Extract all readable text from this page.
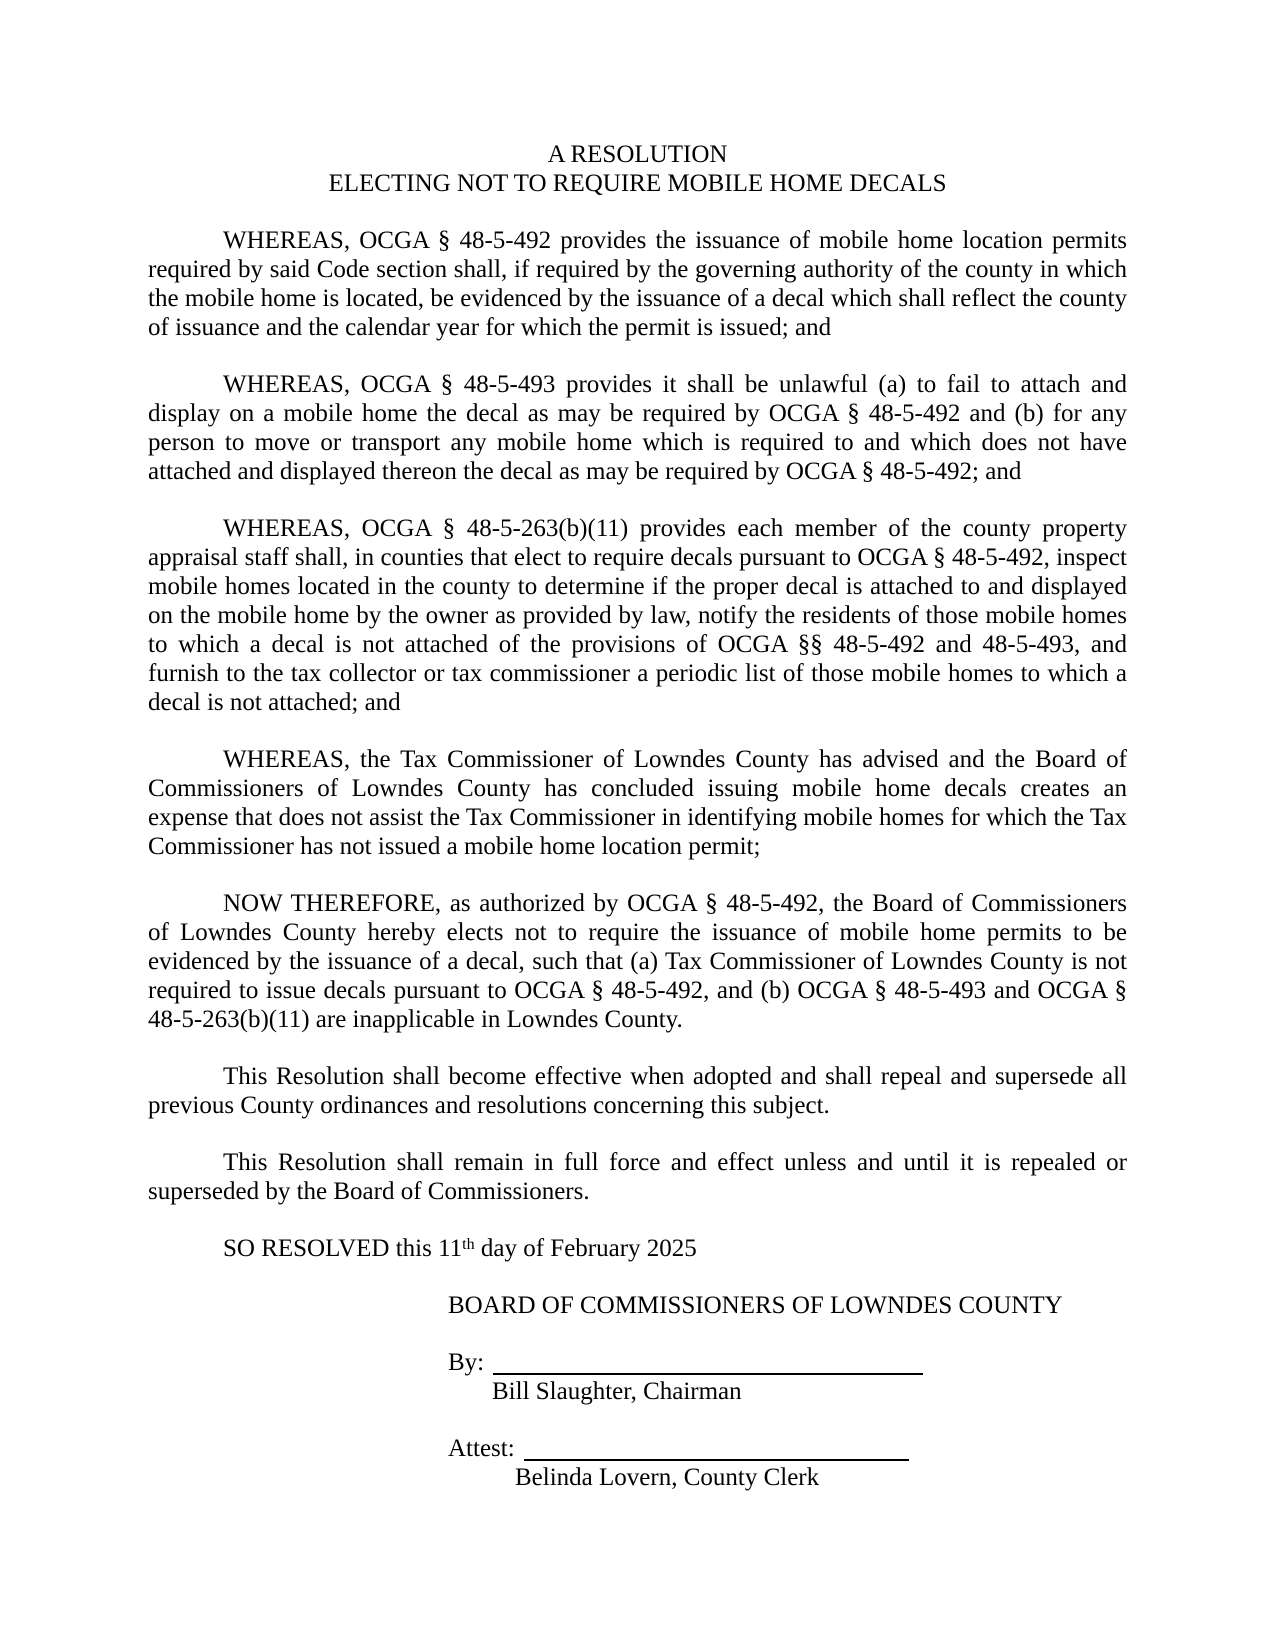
A RESOLUTION
ELECTING NOT TO REQUIRE MOBILE HOME DECALS

WHEREAS, OCGA § 48-5-492 provides the issuance of mobile home location permits required by said Code section shall, if required by the governing authority of the county in which the mobile home is located, be evidenced by the issuance of a decal which shall reflect the county of issuance and the calendar year for which the permit is issued; and

WHEREAS, OCGA § 48-5-493 provides it shall be unlawful (a) to fail to attach and display on a mobile home the decal as may be required by OCGA § 48-5-492 and (b) for any person to move or transport any mobile home which is required to and which does not have attached and displayed thereon the decal as may be required by OCGA § 48-5-492; and

WHEREAS, OCGA § 48-5-263(b)(11) provides each member of the county property appraisal staff shall, in counties that elect to require decals pursuant to OCGA § 48-5-492, inspect mobile homes located in the county to determine if the proper decal is attached to and displayed on the mobile home by the owner as provided by law, notify the residents of those mobile homes to which a decal is not attached of the provisions of OCGA §§ 48-5-492 and 48-5-493, and furnish to the tax collector or tax commissioner a periodic list of those mobile homes to which a decal is not attached; and

WHEREAS, the Tax Commissioner of Lowndes County has advised and the Board of Commissioners of Lowndes County has concluded issuing mobile home decals creates an expense that does not assist the Tax Commissioner in identifying mobile homes for which the Tax Commissioner has not issued a mobile home location permit;

NOW THEREFORE, as authorized by OCGA § 48-5-492, the Board of Commissioners of Lowndes County hereby elects not to require the issuance of mobile home permits to be evidenced by the issuance of a decal, such that (a) Tax Commissioner of Lowndes County is not required to issue decals pursuant to OCGA § 48-5-492, and (b) OCGA § 48-5-493 and OCGA § 48-5-263(b)(11) are inapplicable in Lowndes County.

This Resolution shall become effective when adopted and shall repeal and supersede all previous County ordinances and resolutions concerning this subject.

This Resolution shall remain in full force and effect unless and until it is repealed or superseded by the Board of Commissioners.

SO RESOLVED this 11th day of February 2025

BOARD OF COMMISSIONERS OF LOWNDES COUNTY
By:
Bill Slaughter, Chairman
Attest:
Belinda Lovern, County Clerk
